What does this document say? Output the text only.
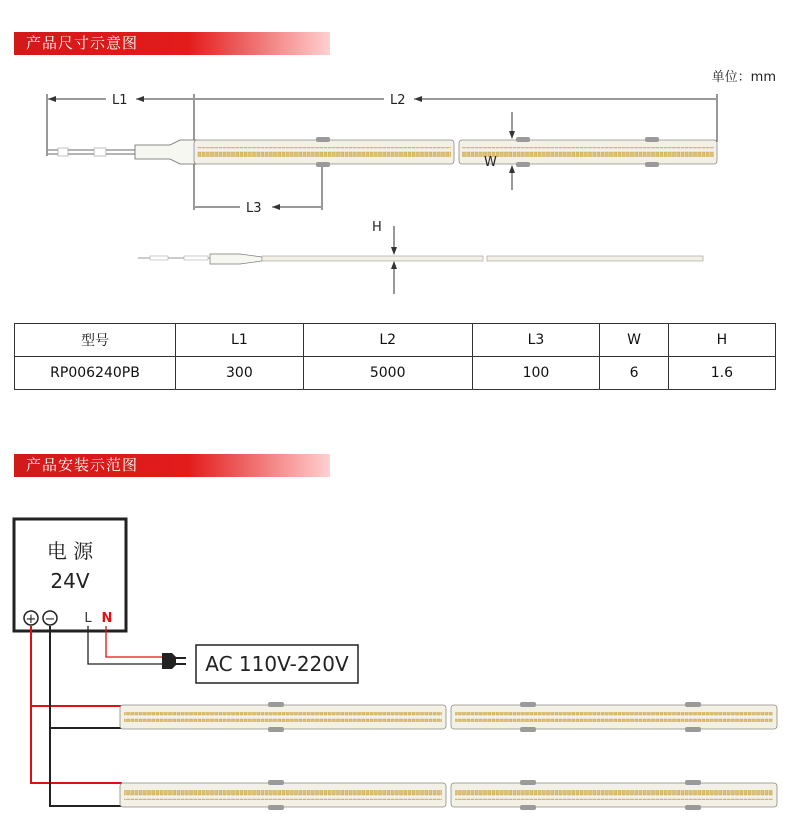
产品尺寸示意图
单位：mm
L1	L2
L3
W
H
型号	L1	L2	L3	W	H
RP006240PB	300	5000	100	6	1.6
产品安装示范图
电 源
24V
+ − L N
AC 110V-220V
